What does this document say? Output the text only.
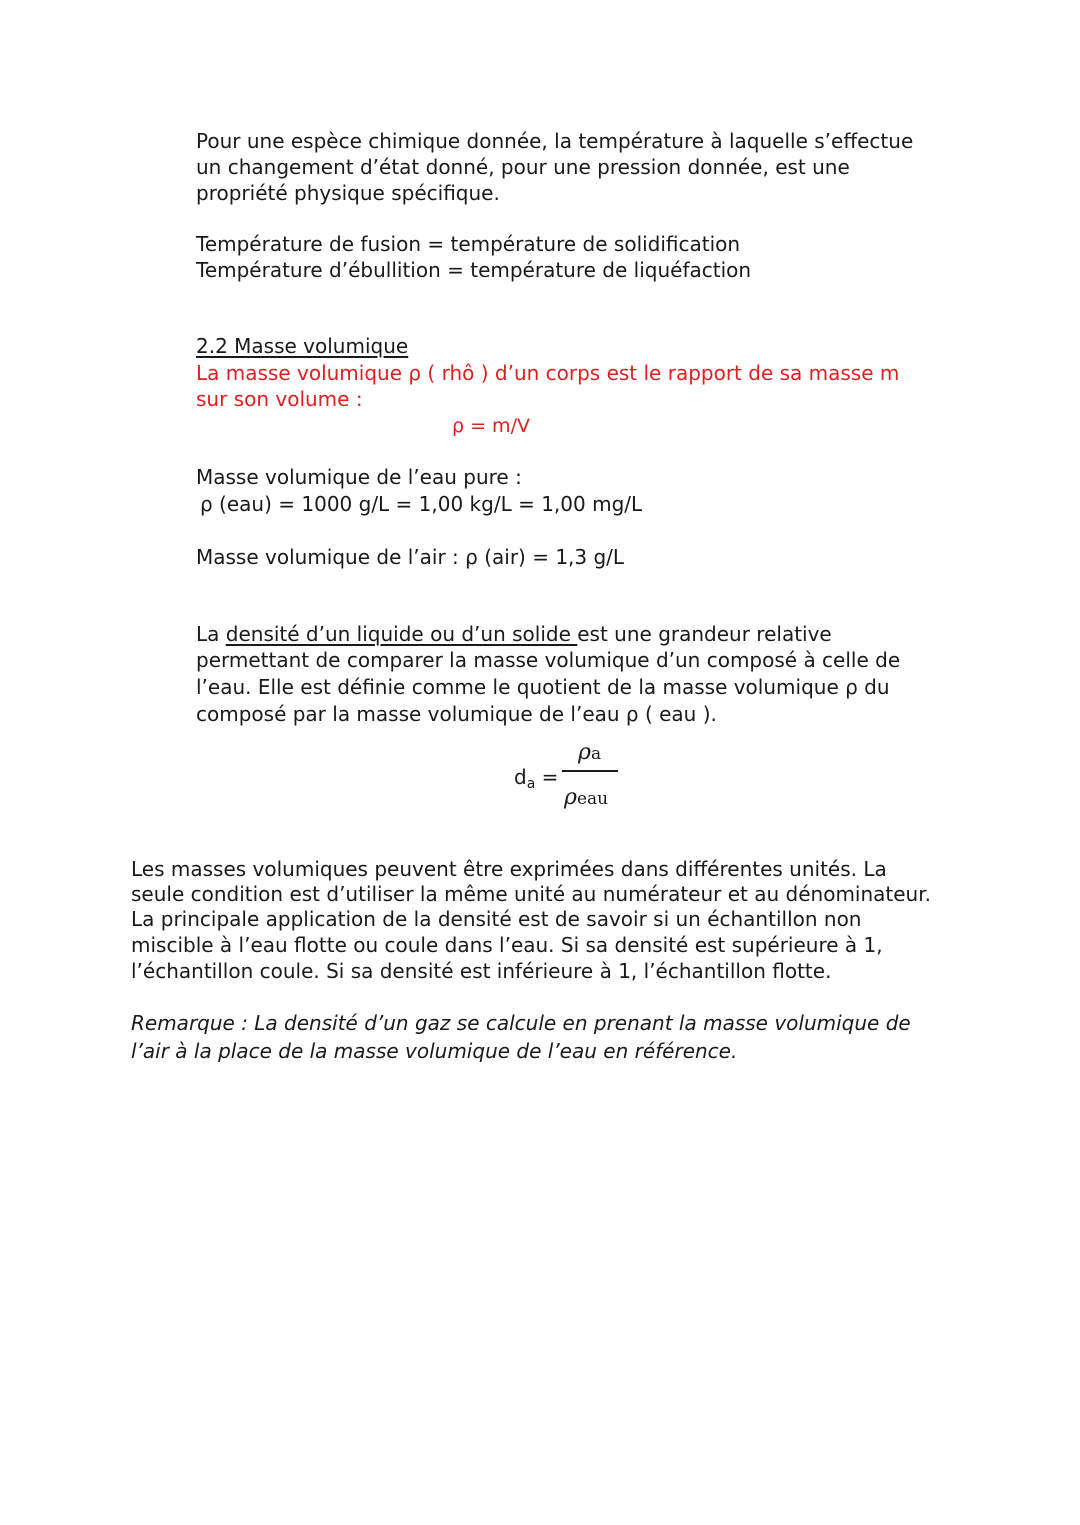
Pour une espèce chimique donnée, la température à laquelle s’effectue
un changement d’état donné, pour une pression donnée, est une
propriété physique spécifique.
Température de fusion = température de solidification
Température d’ébullition = température de liquéfaction
2.2 Masse volumique
La masse volumique ρ ( rhô ) d’un corps est le rapport de sa masse m
sur son volume :
ρ = m/V
Masse volumique de l’eau pure :
ρ (eau) = 1000 g/L = 1,00 kg/L = 1,00 mg/L
Masse volumique de l’air : ρ (air) = 1,3 g/L
La densité d’un liquide ou d’un solide est une grandeur relative
permettant de comparer la masse volumique d’un composé à celle de
l’eau. Elle est définie comme le quotient de la masse volumique ρ du
composé par la masse volumique de l’eau ρ ( eau ).
$d_a$ =
ρa
ρeau
Les masses volumiques peuvent être exprimées dans différentes unités. La
seule condition est d’utiliser la même unité au numérateur et au dénominateur.
La principale application de la densité est de savoir si un échantillon non
miscible à l’eau flotte ou coule dans l’eau. Si sa densité est supérieure à 1,
l’échantillon coule. Si sa densité est inférieure à 1, l’échantillon flotte.
Remarque : La densité d’un gaz se calcule en prenant la masse volumique de
l’air à la place de la masse volumique de l’eau en référence.
